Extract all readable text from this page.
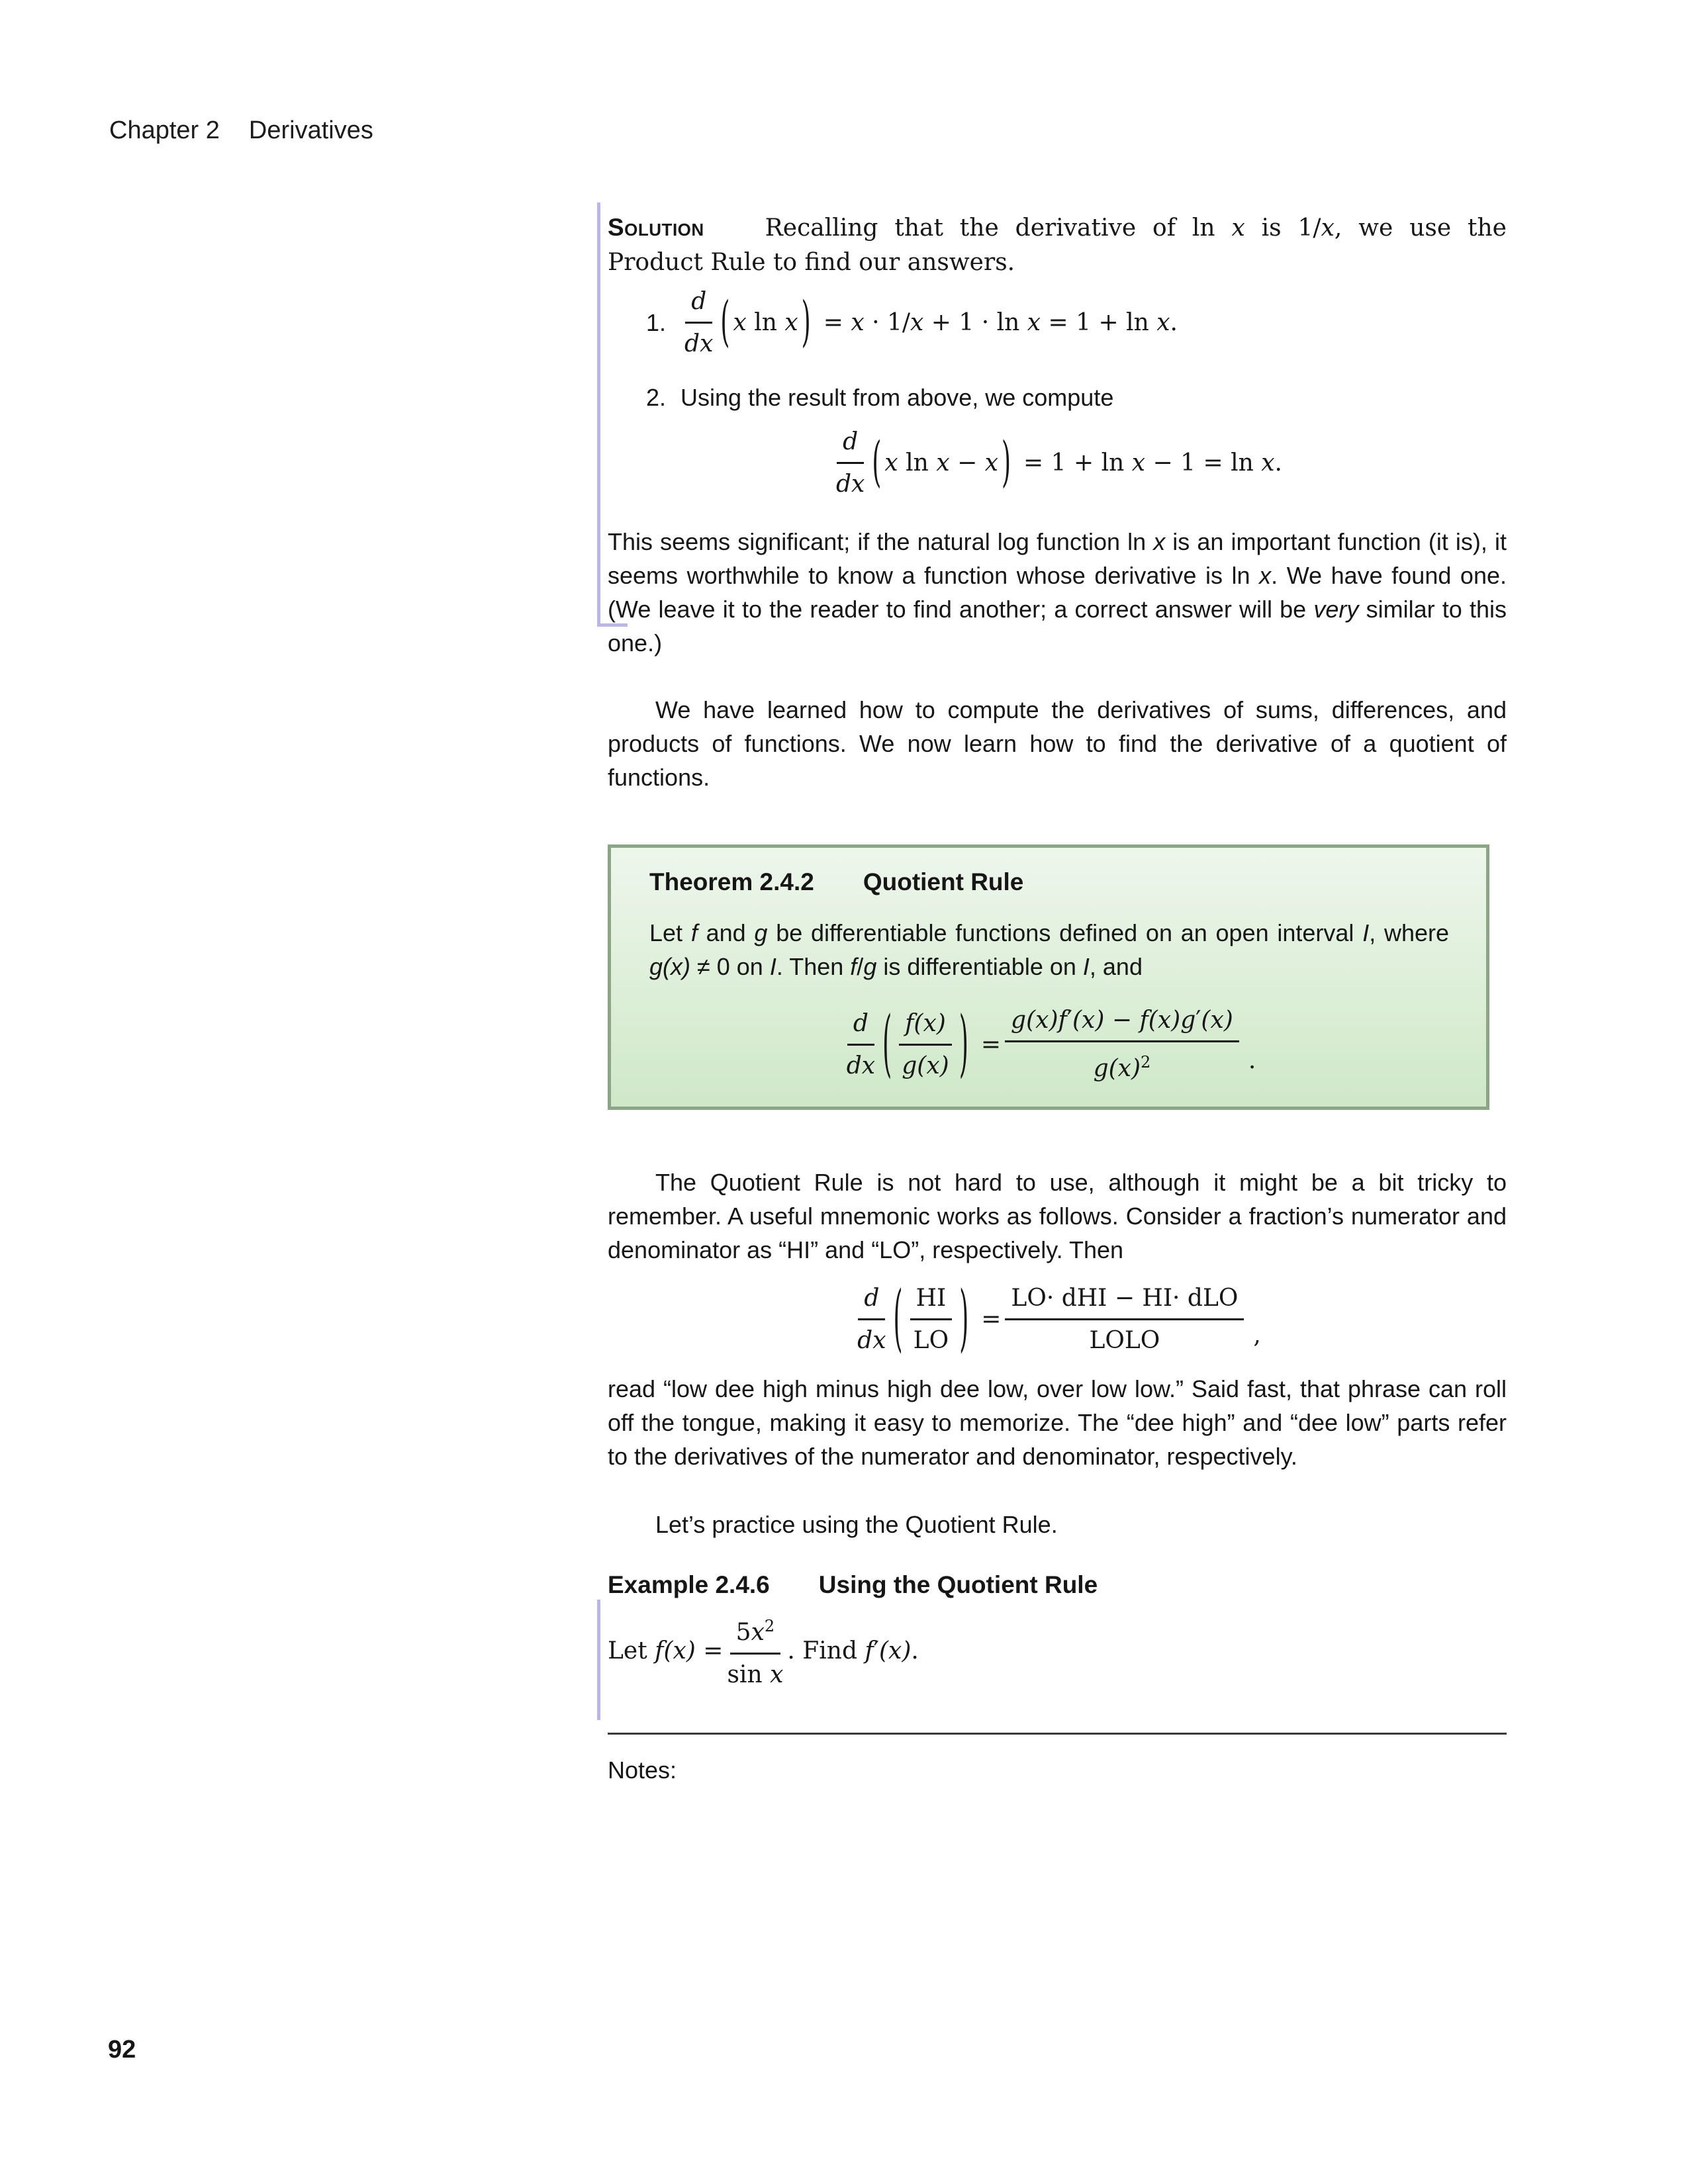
Chapter 2 Derivatives

Solution	Recalling that the derivative of ln x is 1/x, we use the Product Rule to find our answers.

1. $\frac{d}{dx}$ ( x ln x ) = x · 1/x + 1 · ln x = 1 + ln x.
2. Using the result from above, we compute
$\frac{d}{dx}$ ( x ln x − x ) = 1 + ln x − 1 = ln x.

This seems significant; if the natural log function ln x is an important function (it is), it seems worthwhile to know a function whose derivative is ln x. We have found one. (We leave it to the reader to find another; a correct answer will be very similar to this one.)

We have learned how to compute the derivatives of sums, differences, and products of functions. We now learn how to find the derivative of a quotient of functions.

Theorem 2.4.2 Quotient Rule

Let f and g be differentiable functions defined on an open interval I, where g(x) ≠ 0 on I. Then f/g is differentiable on I, and

$\frac{d}{dx}$ ( $\frac{f(x)}{g(x)}$ ) = $\frac{g(x)f'(x) - f(x)g'(x)}{g(x)^2}$ .

The Quotient Rule is not hard to use, although it might be a bit tricky to remember. A useful mnemonic works as follows. Consider a fraction’s numerator and denominator as “HI” and “LO”, respectively. Then

$\frac{d}{dx}$ ( $\frac{HI}{LO}$ ) = $\frac{\text{LO· dHI − HI· dLO}}{\text{LOLO}}$ ,

read “low dee high minus high dee low, over low low.” Said fast, that phrase can roll off the tongue, making it easy to memorize. The “dee high” and “dee low” parts refer to the derivatives of the numerator and denominator, respectively.

Let’s practice using the Quotient Rule.

Example 2.4.6 Using the Quotient Rule
Let $f(x) = \frac{5x^2}{\text{sin x}}$ . Find f′(x).

Notes:

92
